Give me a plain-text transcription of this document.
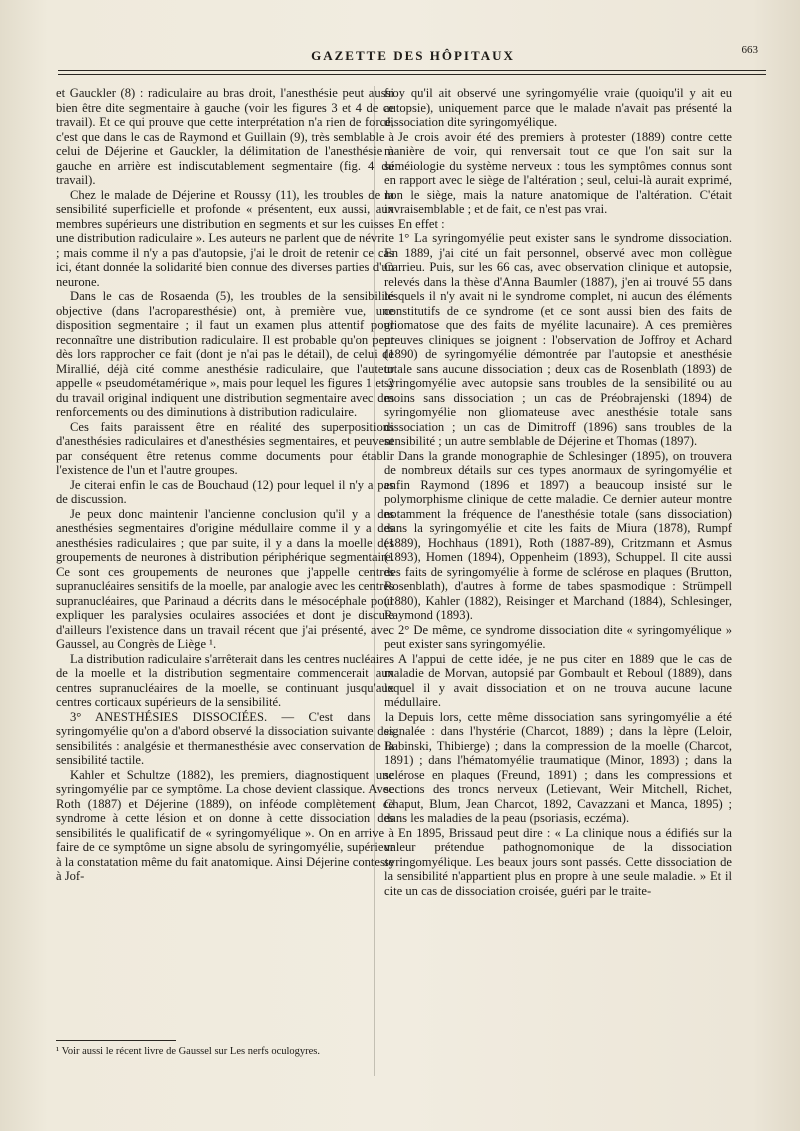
GAZETTE DES HÔPITAUX	663

et Gauckler (8) : radiculaire au bras droit, l'anesthésie peut aussi bien être dite segmentaire à gauche (voir les figures 3 et 4 de ce travail). Et ce qui prouve que cette interprétation n'a rien de forcé, c'est que dans le cas de Raymond et Guillain (9), très semblable à celui de Déjerine et Gauckler, la délimitation de l'anesthésie à gauche en arrière est indiscutablement segmentaire (fig. 4 du travail).

Chez le malade de Déjerine et Roussy (11), les troubles de la sensibilité superficielle et profonde « présentent, eux aussi, aux membres supérieurs une distribution en segments et sur les cuisses une distribution radiculaire ». Les auteurs ne parlent que de névrite ; mais comme il n'y a pas d'autopsie, j'ai le droit de retenir ce cas ici, étant donnée la solidarité bien connue des diverses parties d'un neurone.

Dans le cas de Rosaenda (5), les troubles de la sensibilité objective (dans l'acroparesthésie) ont, à première vue, une disposition segmentaire ; il faut un examen plus attentif pour reconnaître une distribution radiculaire. Il est probable qu'on peut dès lors rapprocher ce fait (dont je n'ai pas le détail), de celui de Mirallié, déjà cité comme anesthésie radiculaire, que l'auteur appelle « pseudométamérique », mais pour lequel les figures 1 et 2 du travail original indiquent une distribution segmentaire avec des renforcements ou des diminutions à distribution radiculaire.

Ces faits paraissent être en réalité des superpositions d'anesthésies radiculaires et d'anesthésies segmentaires, et peuvent par conséquent être retenus comme documents pour établir l'existence de l'un et l'autre groupes.

Je citerai enfin le cas de Bouchaud (12) pour lequel il n'y a pas de discussion.

Je peux donc maintenir l'ancienne conclusion qu'il y a des anesthésies segmentaires d'origine médullaire comme il y a des anesthésies radiculaires ; que par suite, il y a dans la moelle des groupements de neurones à distribution périphérique segmentaire. Ce sont ces groupements de neurones que j'appelle centres supranucléaires sensitifs de la moelle, par analogie avec les centres supranucléaires, que Parinaud a décrits dans le mésocéphale pour expliquer les paralysies oculaires associées et dont je discute d'ailleurs l'existence dans un travail récent que j'ai présenté, avec Gaussel, au Congrès de Liège ¹.

La distribution radiculaire s'arrêterait dans les centres nucléaires de la moelle et la distribution segmentaire commencerait aux centres supranucléaires de la moelle, se continuant jusqu'aux centres corticaux supérieurs de la sensibilité.

3° ANESTHÉSIES DISSOCIÉES. — C'est dans la syringomyélie qu'on a d'abord observé la dissociation suivante des sensibilités : analgésie et thermanesthésie avec conservation de la sensibilité tactile.

Kahler et Schultze (1882), les premiers, diagnostiquent une syringomyélie par ce symptôme. La chose devient classique. Avec Roth (1887) et Déjerine (1889), on inféode complètement ce syndrome à cette lésion et on donne à cette dissociation des sensibilités le qualificatif de « syringomyélique ». On en arrive à faire de ce symptôme un signe absolu de syringomyélie, supérieur à la constatation même du fait anatomique. Ainsi Déjerine conteste à Jof-

froy qu'il ait observé une syringomyélie vraie (quoiqu'il y ait eu autopsie), uniquement parce que le malade n'avait pas présenté la dissociation dite syringomyélique.

Je crois avoir été des premiers à protester (1889) contre cette manière de voir, qui renversait tout ce que l'on sait sur la séméiologie du système nerveux : tous les symptômes connus sont en rapport avec le siège de l'altération ; seul, celui-là aurait exprimé, non le siège, mais la nature anatomique de l'altération. C'était invraisemblable ; et de fait, ce n'est pas vrai.

En effet :

1° La syringomyélie peut exister sans le syndrome dissociation. En 1889, j'ai cité un fait personnel, observé avec mon collègue Carrieu. Puis, sur les 66 cas, avec observation clinique et autopsie, relevés dans la thèse d'Anna Baumler (1887), j'en ai trouvé 55 dans lesquels il n'y avait ni le syndrome complet, ni aucun des éléments constitutifs de ce syndrome (et ce sont aussi bien des faits de gliomatose que des faits de myélite lacunaire). A ces premières preuves cliniques se joignent : l'observation de Joffroy et Achard (1890) de syringomyélie démontrée par l'autopsie et anesthésie totale sans aucune dissociation ; deux cas de Rosenblath (1893) de syringomyélie avec autopsie sans troubles de la sensibilité ou au moins sans dissociation ; un cas de Préobrajenski (1894) de syringomyélie non gliomateuse avec anesthésie totale sans dissociation ; un cas de Dimitroff (1896) sans troubles de la sensibilité ; un autre semblable de Déjerine et Thomas (1897).

Dans la grande monographie de Schlesinger (1895), on trouvera de nombreux détails sur ces types anormaux de syringomyélie et enfin Raymond (1896 et 1897) a beaucoup insisté sur le polymorphisme clinique de cette maladie. Ce dernier auteur montre notamment la fréquence de l'anesthésie totale (sans dissociation) dans la syringomyélie et cite les faits de Miura (1878), Rumpf (1889), Hochhaus (1891), Roth (1887-89), Critzmann et Asmus (1893), Homen (1894), Oppenheim (1893), Schuppel. Il cite aussi des faits de syringomyélie à forme de sclérose en plaques (Brutton, Rosenblath), d'autres à forme de tabes spasmodique : Strümpell (1880), Kahler (1882), Reisinger et Marchand (1884), Schlesinger, Raymond (1893).

2° De même, ce syndrome dissociation dite « syringomyélique » peut exister sans syringomyélie.

A l'appui de cette idée, je ne pus citer en 1889 que le cas de maladie de Morvan, autopsié par Gombault et Reboul (1889), dans lequel il y avait dissociation et on ne trouva aucune lacune médullaire.

Depuis lors, cette même dissociation sans syringomyélie a été signalée : dans l'hystérie (Charcot, 1889) ; dans la lèpre (Leloir, Babinski, Thibierge) ; dans la compression de la moelle (Charcot, 1891) ; dans l'hématomyélie traumatique (Minor, 1893) ; dans la sclérose en plaques (Freund, 1891) ; dans les compressions et sections des troncs nerveux (Letievant, Weir Mitchell, Richet, Chaput, Blum, Jean Charcot, 1892, Cavazzani et Manca, 1895) ; dans les maladies de la peau (psoriasis, eczéma).

En 1895, Brissaud peut dire : « La clinique nous a édifiés sur la valeur prétendue pathognomonique de la dissociation syringomyélique. Les beaux jours sont passés. Cette dissociation de la sensibilité n'appartient plus en propre à une seule maladie. » Et il cite un cas de dissociation croisée, guéri par le traite-

¹ Voir aussi le récent livre de Gaussel sur Les nerfs oculogyres.
